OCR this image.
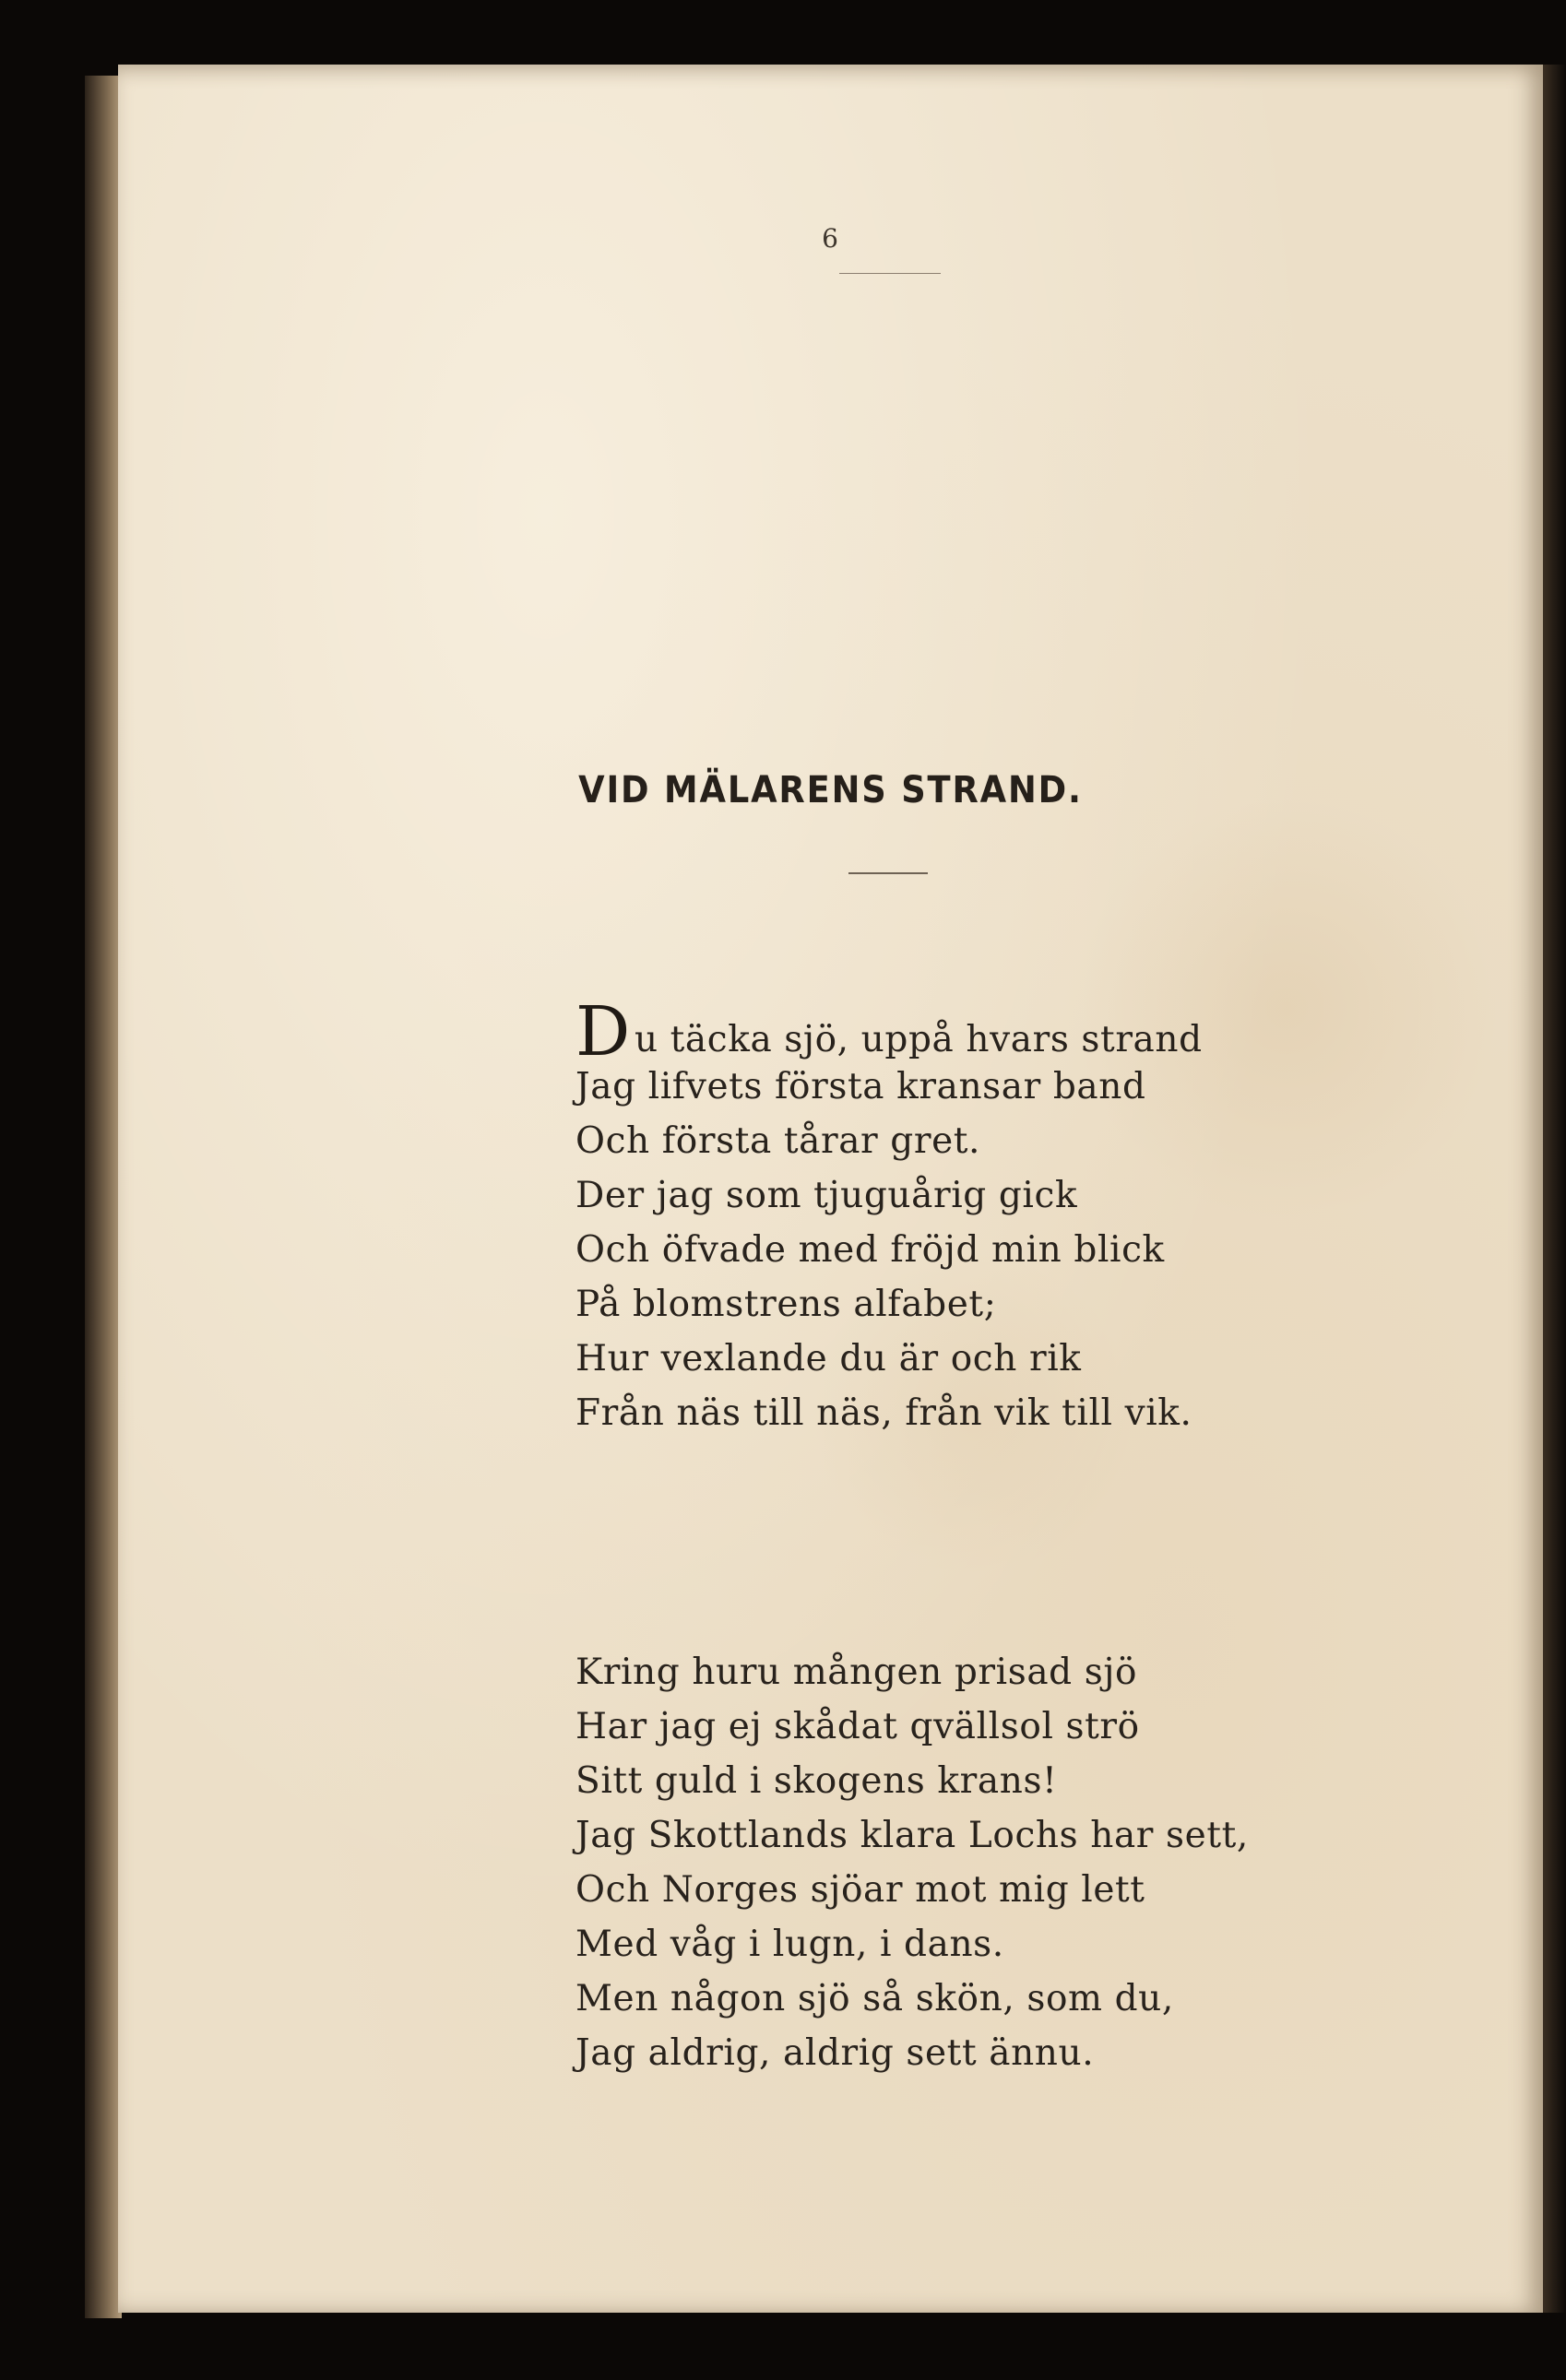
6
VID MÄLARENS STRAND.
Du täcka sjö, uppå hvars strand
Jag lifvets första kransar band
Och första tårar gret.
Der jag som tjuguårig gick
Och öfvade med fröjd min blick
På blomstrens alfabet;
Hur vexlande du är och rik
Från näs till näs, från vik till vik.
Kring huru mången prisad sjö
Har jag ej skådat qvällsol strö
Sitt guld i skogens krans!
Jag Skottlands klara Lochs har sett,
Och Norges sjöar mot mig lett
Med våg i lugn, i dans.
Men någon sjö så skön, som du,
Jag aldrig, aldrig sett ännu.
